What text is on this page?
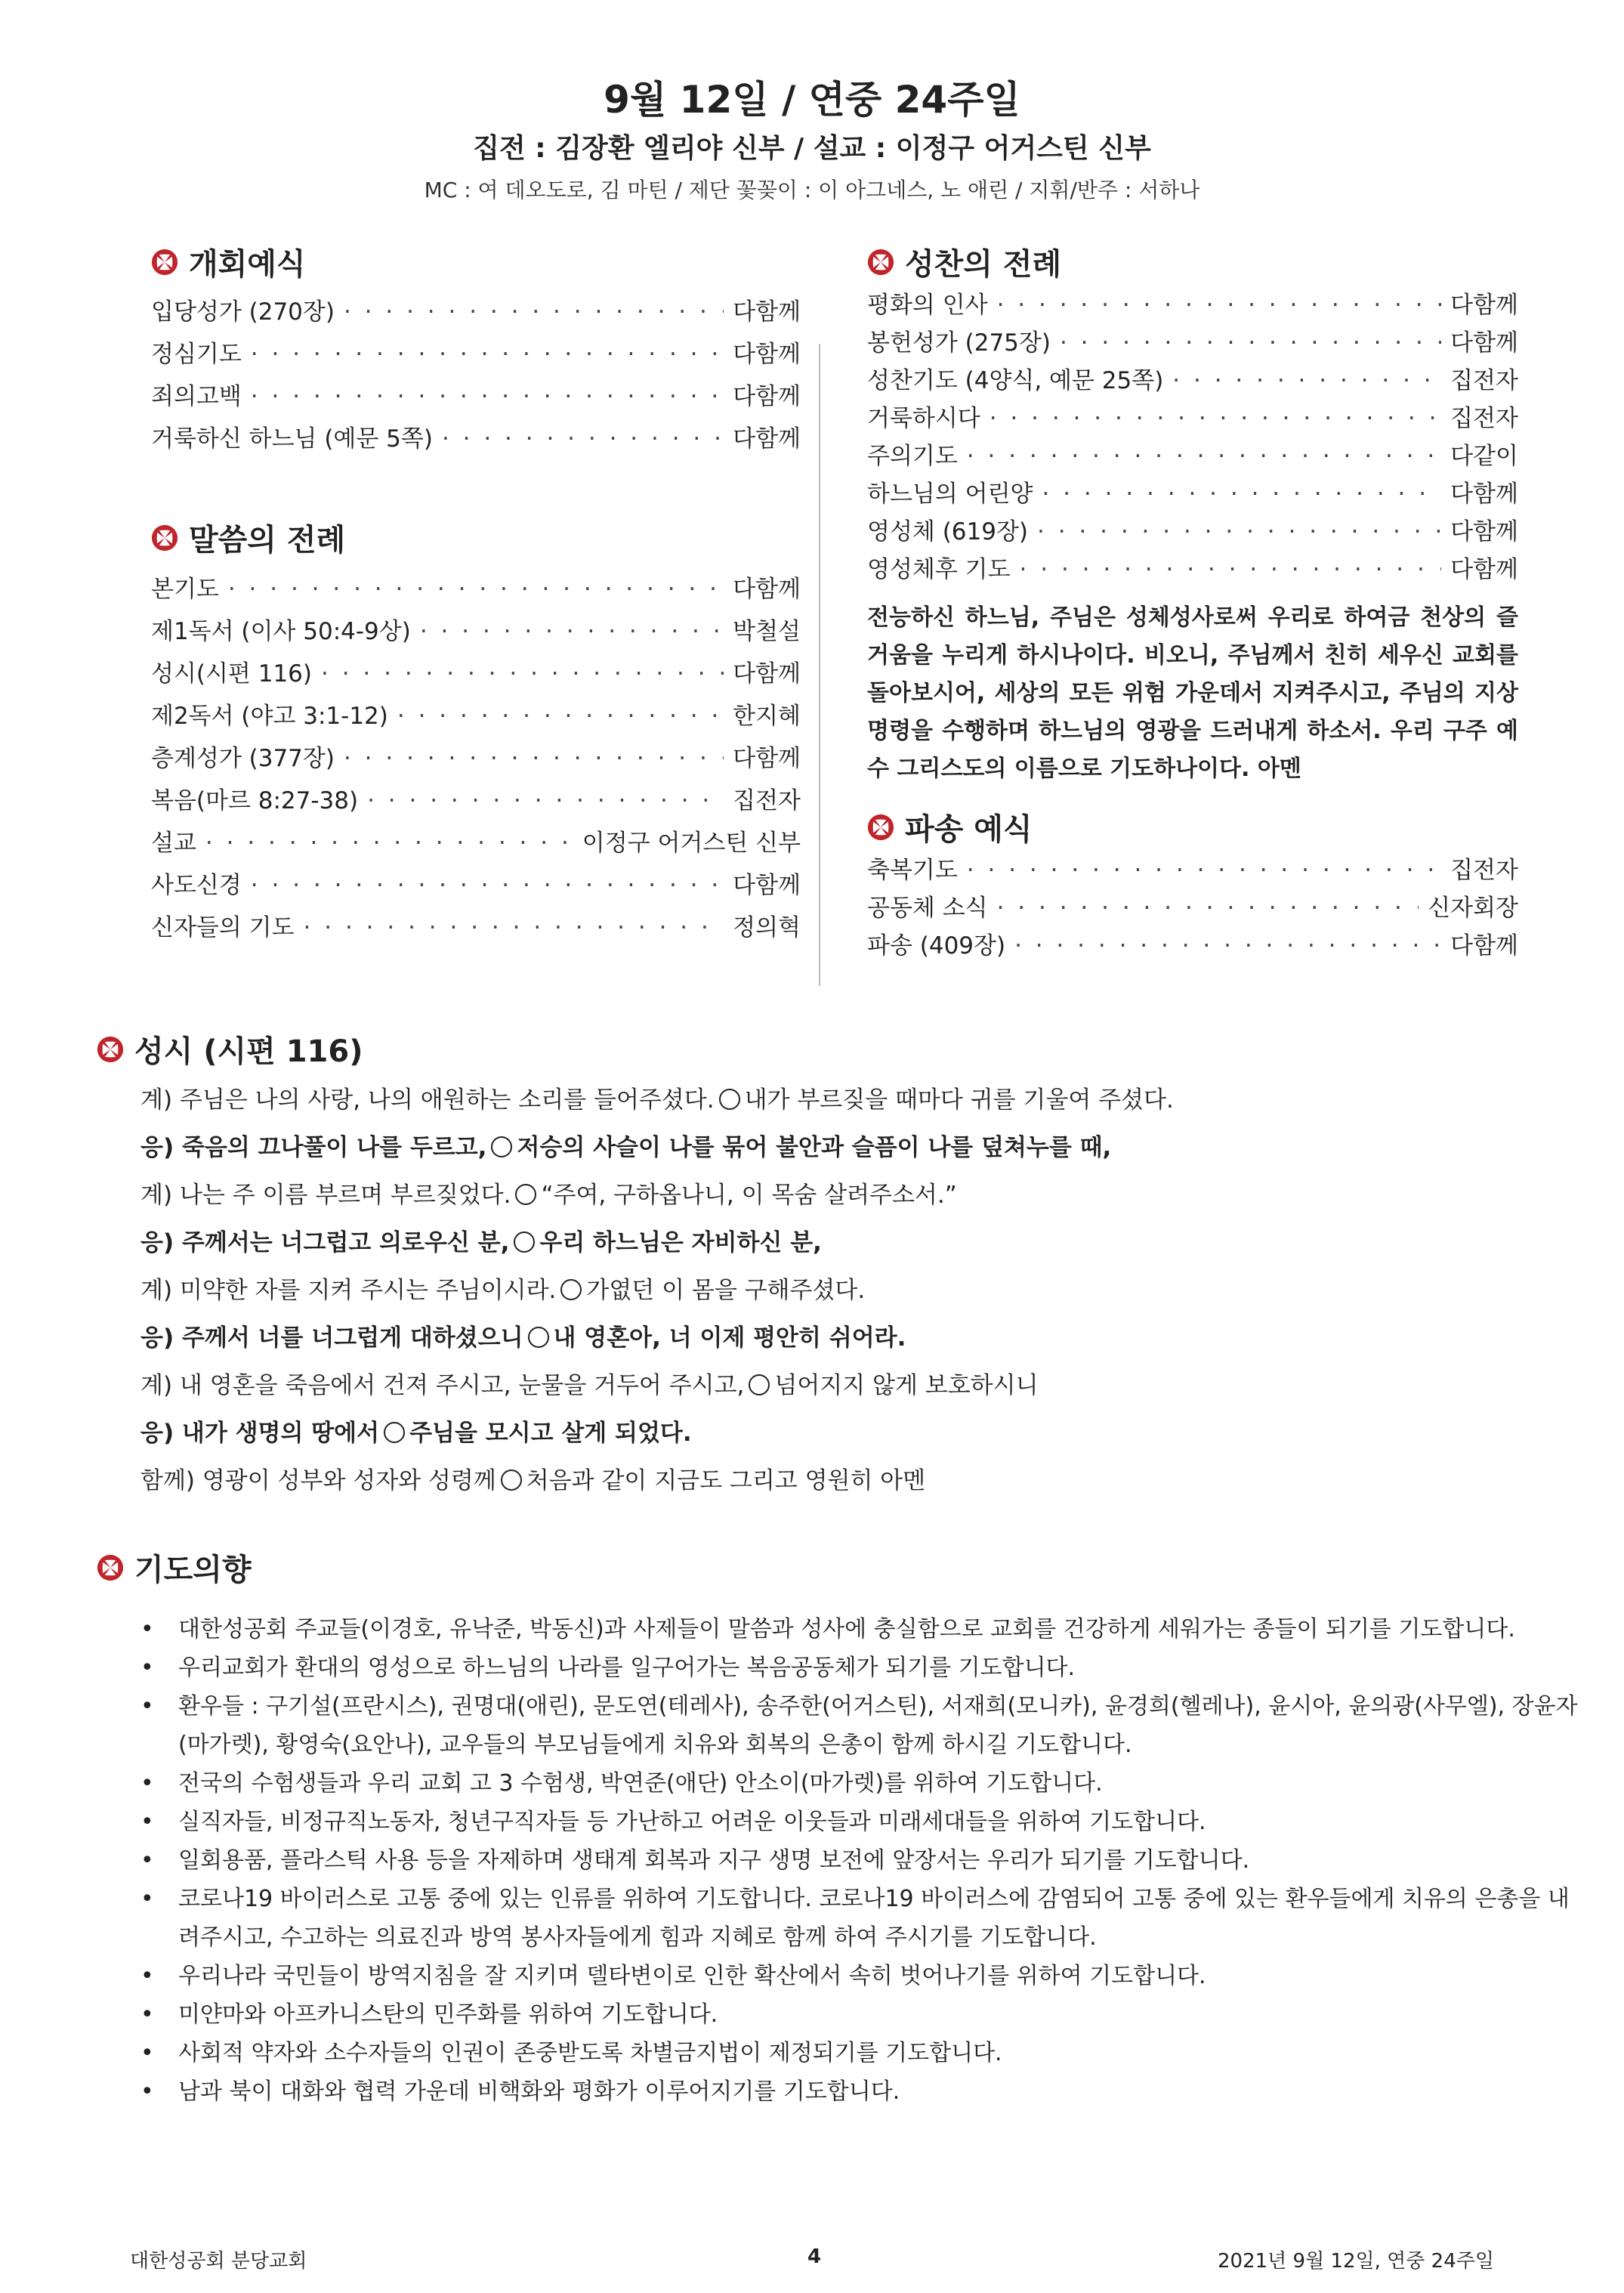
9월 12일 / 연중 24주일
집전 : 김장환 엘리야 신부 / 설교 : 이정구 어거스틴 신부
MC : 여 데오도로, 김 마틴 / 제단 꽃꽂이 : 이 아그네스, 노 애린 / 지휘/반주 : 서하나
개회예식
입당성가 (270장) · · ·	다함께
정심기도 · · ·	다함께
죄의고백 · · ·	다함께
거룩하신 하느님 (예문 5쪽) · · ·	다함께
말씀의 전례
본기도 · · ·	다함께
제1독서 (이사 50:4-9상) · · ·	박철설
성시(시편 116) · · ·	다함께
제2독서 (야고 3:1-12) · · ·	한지혜
층계성가 (377장) · · ·	다함께
복음(마르 8:27-38) · · ·	집전자
설교 · · ·	이정구 어거스틴 신부
사도신경 · · ·	다함께
신자들의 기도 · · ·	정의혁
성찬의 전례
평화의 인사 · · ·	다함께
봉헌성가 (275장) · · ·	다함께
성찬기도 (4양식, 예문 25쪽) · · ·	집전자
거룩하시다 · · ·	집전자
주의기도 · · ·	다같이
하느님의 어린양 · · ·	다함께
영성체 (619장) · · ·	다함께
영성체후 기도 · · ·	다함께
전능하신 하느님, 주님은 성체성사로써 우리로 하여금 천상의 즐거움을 누리게 하시나이다. 비오니, 주님께서 친히 세우신 교회를 돌아보시어, 세상의 모든 위험 가운데서 지켜주시고, 주님의 지상명령을 수행하며 하느님의 영광을 드러내게 하소서. 우리 구주 예수 그리스도의 이름으로 기도하나이다. 아멘
파송 예식
축복기도 · · ·	집전자
공동체 소식 · · ·	신자회장
파송 (409장) · · ·	다함께
성시 (시편 116)
계) 주님은 나의 사랑, 나의 애원하는 소리를 들어주셨다. 내가 부르짖을 때마다 귀를 기울여 주셨다.
응) 죽음의 끄나풀이 나를 두르고, 저승의 사슬이 나를 묶어 불안과 슬픔이 나를 덮쳐누를 때,
계) 나는 주 이름 부르며 부르짖었다. “주여, 구하옵나니, 이 목숨 살려주소서.”
응) 주께서는 너그럽고 의로우신 분, 우리 하느님은 자비하신 분,
계) 미약한 자를 지켜 주시는 주님이시라. 가엾던 이 몸을 구해주셨다.
응) 주께서 너를 너그럽게 대하셨으니 내 영혼아, 너 이제 평안히 쉬어라.
계) 내 영혼을 죽음에서 건져 주시고, 눈물을 거두어 주시고, 넘어지지 않게 보호하시니
응) 내가 생명의 땅에서 주님을 모시고 살게 되었다.
함께) 영광이 성부와 성자와 성령께 처음과 같이 지금도 그리고 영원히 아멘
기도의향
• 대한성공회 주교들(이경호, 유낙준, 박동신)과 사제들이 말씀과 성사에 충실함으로 교회를 건강하게 세워가는 종들이 되기를 기도합니다.
• 우리교회가 환대의 영성으로 하느님의 나라를 일구어가는 복음공동체가 되기를 기도합니다.
• 환우들 : 구기설(프란시스), 권명대(애린), 문도연(테레사), 송주한(어거스틴), 서재희(모니카), 윤경희(헬레나), 윤시아, 윤의광(사무엘), 장윤자(마가렛), 황영숙(요안나), 교우들의 부모님들에게 치유와 회복의 은총이 함께 하시길 기도합니다.
• 전국의 수험생들과 우리 교회 고 3 수험생, 박연준(애단) 안소이(마가렛)를 위하여 기도합니다.
• 실직자들, 비정규직노동자, 청년구직자들 등 가난하고 어려운 이웃들과 미래세대들을 위하여 기도합니다.
• 일회용품, 플라스틱 사용 등을 자제하며 생태계 회복과 지구 생명 보전에 앞장서는 우리가 되기를 기도합니다.
• 코로나19 바이러스로 고통 중에 있는 인류를 위하여 기도합니다. 코로나19 바이러스에 감염되어 고통 중에 있는 환우들에게 치유의 은총을 내려주시고, 수고하는 의료진과 방역 봉사자들에게 힘과 지혜로 함께 하여 주시기를 기도합니다.
• 우리나라 국민들이 방역지침을 잘 지키며 델타변이로 인한 확산에서 속히 벗어나기를 위하여 기도합니다.
• 미얀마와 아프카니스탄의 민주화를 위하여 기도합니다.
• 사회적 약자와 소수자들의 인권이 존중받도록 차별금지법이 제정되기를 기도합니다.
• 남과 북이 대화와 협력 가운데 비핵화와 평화가 이루어지기를 기도합니다.
대한성공회 분당교회	4	2021년 9월 12일, 연중 24주일
